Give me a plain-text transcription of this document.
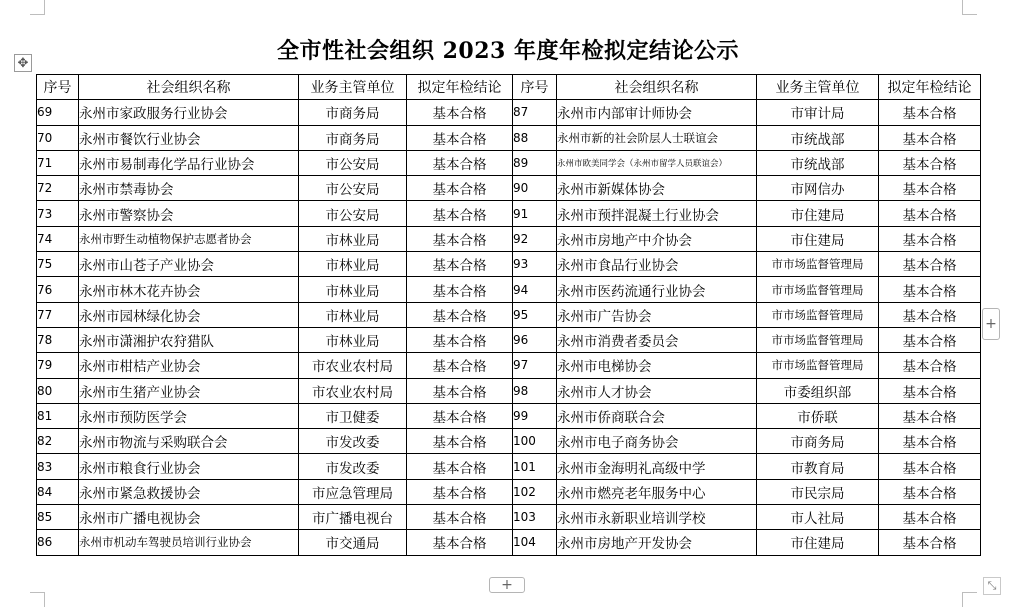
✥	全市性社会组织 2023 年度年检拟定结论公示
序号	社会组织名称	业务主管单位	拟定年检结论	序号	社会组织名称	业务主管单位	拟定年检结论
69	永州市家政服务行业协会	市商务局	基本合格	87	永州市内部审计师协会	市审计局	基本合格
70	永州市餐饮行业协会	市商务局	基本合格	88	永州市新的社会阶层人士联谊会	市统战部	基本合格
71	永州市易制毒化学品行业协会	市公安局	基本合格	89	永州市欧美同学会（永州市留学人员联谊会）	市统战部	基本合格
72	永州市禁毒协会	市公安局	基本合格	90	永州市新媒体协会	市网信办	基本合格
73	永州市警察协会	市公安局	基本合格	91	永州市预拌混凝土行业协会	市住建局	基本合格
74	永州市野生动植物保护志愿者协会	市林业局	基本合格	92	永州市房地产中介协会	市住建局	基本合格
75	永州市山苍子产业协会	市林业局	基本合格	93	永州市食品行业协会	市市场监督管理局	基本合格
76	永州市林木花卉协会	市林业局	基本合格	94	永州市医药流通行业协会	市市场监督管理局	基本合格
77	永州市园林绿化协会	市林业局	基本合格	95	永州市广告协会	市市场监督管理局	基本合格
78	永州市潇湘护农狩猎队	市林业局	基本合格	96	永州市消费者委员会	市市场监督管理局	基本合格
79	永州市柑桔产业协会	市农业农村局	基本合格	97	永州市电梯协会	市市场监督管理局	基本合格
80	永州市生猪产业协会	市农业农村局	基本合格	98	永州市人才协会	市委组织部	基本合格
81	永州市预防医学会	市卫健委	基本合格	99	永州市侨商联合会	市侨联	基本合格
82	永州市物流与采购联合会	市发改委	基本合格	100	永州市电子商务协会	市商务局	基本合格
83	永州市粮食行业协会	市发改委	基本合格	101	永州市金海明礼高级中学	市教育局	基本合格
84	永州市紧急救援协会	市应急管理局	基本合格	102	永州市燃亮老年服务中心	市民宗局	基本合格
85	永州市广播电视协会	市广播电视台	基本合格	103	永州市永新职业培训学校	市人社局	基本合格
86	永州市机动车驾驶员培训行业协会	市交通局	基本合格	104	永州市房地产开发协会	市住建局	基本合格
+
+	⤡
